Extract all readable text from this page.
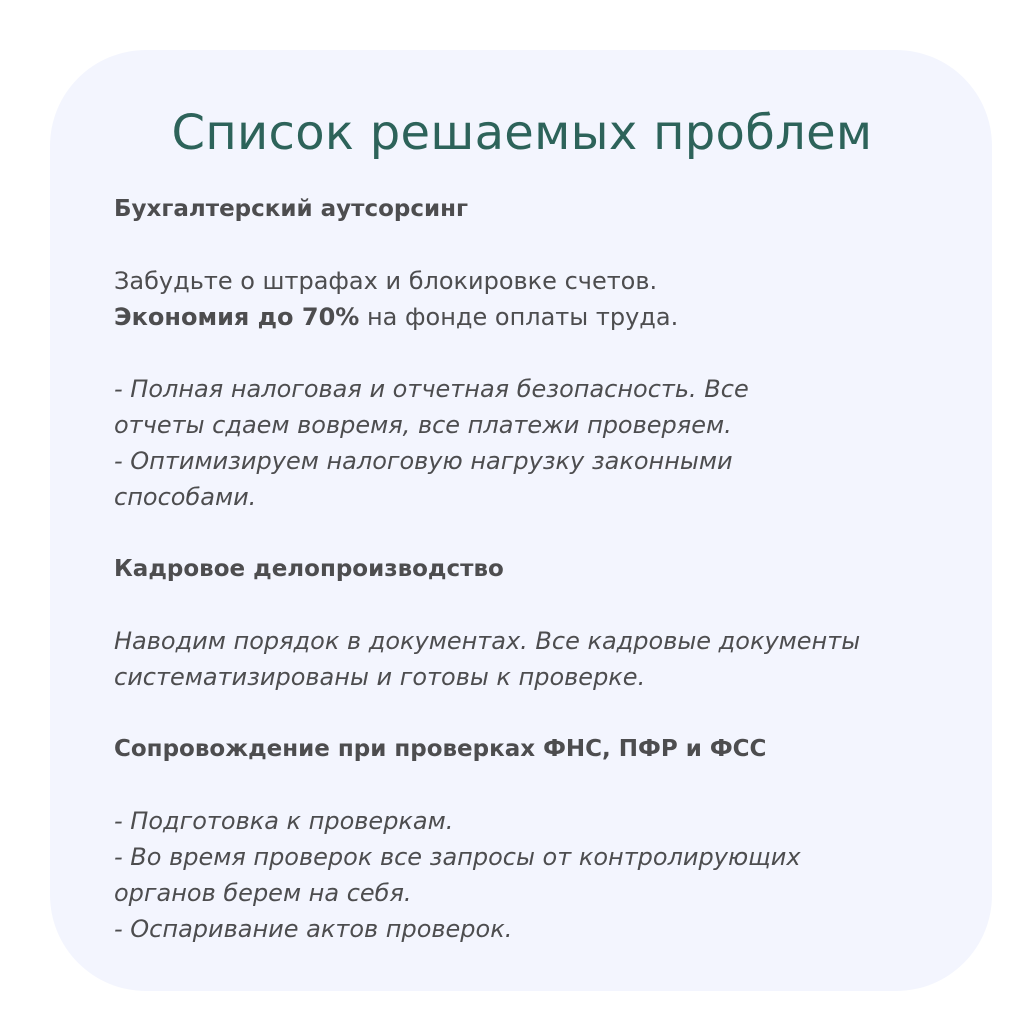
Список решаемых проблем
Бухгалтерский аутсорсинг
Забудьте о штрафах и блокировке счетов.
Экономия до 70% на фонде оплаты труда.
- Полная налоговая и отчетная безопасность. Все
отчеты сдаем вовремя, все платежи проверяем.
- Оптимизируем налоговую нагрузку законными
способами.
Кадровое делопроизводство
Наводим порядок в документах. Все кадровые документы
систематизированы и готовы к проверке.
Сопровождение при проверках ФНС, ПФР и ФСС
- Подготовка к проверкам.
- Во время проверок все запросы от контролирующих
органов берем на себя.
- Оспаривание актов проверок.
